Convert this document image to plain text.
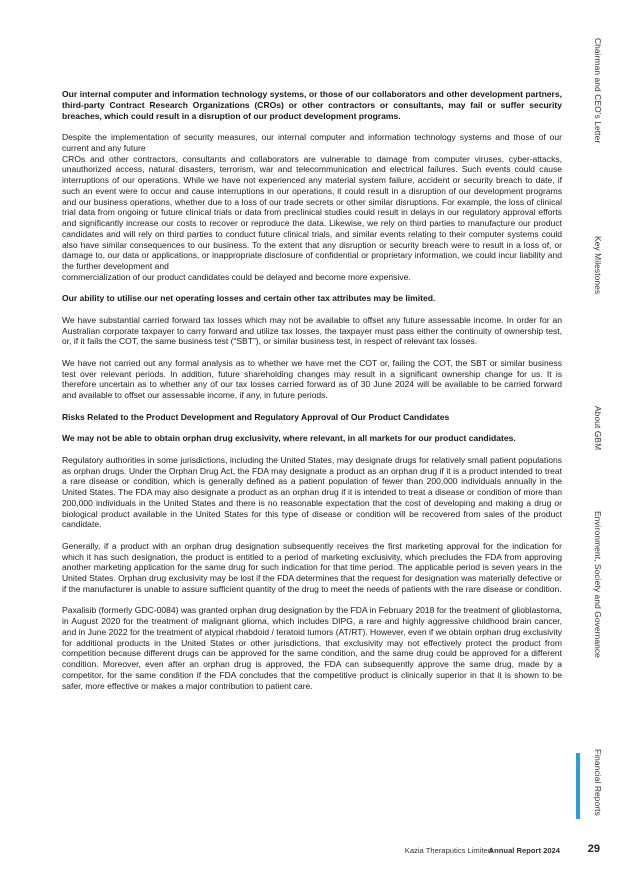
Our internal computer and information technology systems, or those of our collaborators and other development partners, third-party Contract Research Organizations (CROs) or other contractors or consultants, may fail or suffer security breaches, which could result in a disruption of our product development programs.

Despite the implementation of security measures, our internal computer and information technology systems and those of our current and any future

CROs and other contractors, consultants and collaborators are vulnerable to damage from computer viruses, cyber-attacks, unauthorized access, natural disasters, terrorism, war and telecommunication and electrical failures. Such events could cause interruptions of our operations. While we have not experienced any material system failure, accident or security breach to date, if such an event were to occur and cause interruptions in our operations, it could result in a disruption of our development programs and our business operations, whether due to a loss of our trade secrets or other similar disruptions. For example, the loss of clinical trial data from ongoing or future clinical trials or data from preclinical studies could result in delays in our regulatory approval efforts and significantly increase our costs to recover or reproduce the data. Likewise, we rely on third parties to manufacture our product candidates and will rely on third parties to conduct future clinical trials, and similar events relating to their computer systems could also have similar consequences to our business. To the extent that any disruption or security breach were to result in a loss of, or damage to, our data or applications, or inappropriate disclosure of confidential or proprietary information, we could incur liability and the further development and

commercialization of our product candidates could be delayed and become more expensive.

Our ability to utilise our net operating losses and certain other tax attributes may be limited.

We have substantial carried forward tax losses which may not be available to offset any future assessable income. In order for an Australian corporate taxpayer to carry forward and utilize tax losses, the taxpayer must pass either the continuity of ownership test, or, if it fails the COT, the same business test (“SBT”), or similar business test, in respect of relevant tax losses.

We have not carried out any formal analysis as to whether we have met the COT or, failing the COT, the SBT or similar business test over relevant periods. In addition, future shareholding changes may result in a significant ownership change for us. It is therefore uncertain as to whether any of our tax losses carried forward as of 30 June 2024 will be available to be carried forward and available to offset our assessable income, if any, in future periods.

Risks Related to the Product Development and Regulatory Approval of Our Product Candidates

We may not be able to obtain orphan drug exclusivity, where relevant, in all markets for our product candidates.

Regulatory authorities in some jurisdictions, including the United States, may designate drugs for relatively small patient populations as orphan drugs. Under the Orphan Drug Act, the FDA may designate a product as an orphan drug if it is a product intended to treat a rare disease or condition, which is generally defined as a patient population of fewer than 200,000 individuals annually in the United States. The FDA may also designate a product as an orphan drug if it is intended to treat a disease or condition of more than 200,000 individuals in the United States and there is no reasonable expectation that the cost of developing and making a drug or biological product available in the United States for this type of disease or condition will be recovered from sales of the product candidate.

Generally, if a product with an orphan drug designation subsequently receives the first marketing approval for the indication for which it has such designation, the product is entitled to a period of marketing exclusivity, which precludes the FDA from approving another marketing application for the same drug for such indication for that time period. The applicable period is seven years in the United States. Orphan drug exclusivity may be lost if the FDA determines that the request for designation was materially defective or if the manufacturer is unable to assure sufficient quantity of the drug to meet the needs of patients with the rare disease or condition.

Paxalisib (formerly GDC-0084) was granted orphan drug designation by the FDA in February 2018 for the treatment of glioblastoma, in August 2020 for the treatment of malignant glioma, which includes DIPG, a rare and highly aggressive childhood brain cancer, and in June 2022 for the treatment of atypical rhabdoid / teratoid tumors (AT/RT). However, even if we obtain orphan drug exclusivity for additional products in the United States or other jurisdictions, that exclusivity may not effectively protect the product from competition because different drugs can be approved for the same condition, and the same drug could be approved for a different condition. Moreover, even after an orphan drug is approved, the FDA can subsequently approve the same drug, made by a competitor, for the same condition if the FDA concludes that the competitive product is clinically superior in that it is shown to be safer, more effective or makes a major contribution to patient care.

Chairman and CEO’s Letter
Key Milestones
About GBM
Environment, Society and Governance
Financial Reports
Kazia Theraputics Limited
Annual Report 2024	29
